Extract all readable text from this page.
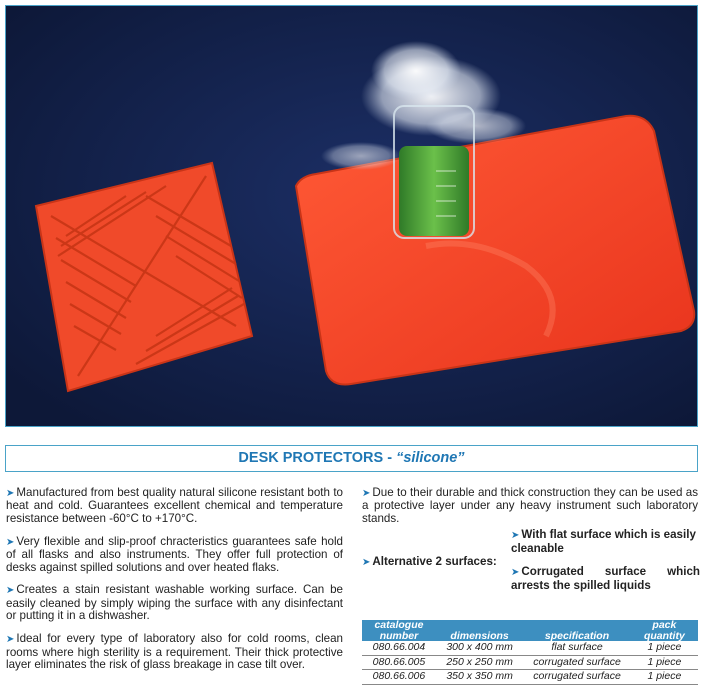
DESK PROTECTORS - “silicone”

➤ Manufactured from best quality natural silicone resistant both to heat and cold. Guarantees excellent chemical and temperature resistance between -60°C to +170°C.

➤ Very flexible and slip-proof chracteristics guarantees safe hold of all flasks and also instruments. They offer full protection of desks against spilled solutions and over heated flaks.

➤ Creates a stain resistant washable working surface. Can be easily cleaned by simply wiping the surface with any disinfectant or putting it in a dishwasher.

➤ Ideal for every type of laboratory also for cold rooms, clean rooms where high sterility is a requirement. Their thick protective layer eliminates the risk of glass breakage in case tilt over.

➤ Due to their durable and thick construction they can be used as a protective layer under any heavy instrument such laboratory stands.

➤ Alternative 2 surfaces:
➤ With flat surface which is easily cleanable
➤ Corrugated surface which arrests the spilled liquids
catalogue
number	dimensions	specification	pack
quantity
080.66.004	300 x 400 mm	flat surface	1 piece
080.66.005	250 x 250 mm	corrugated surface	1 piece
080.66.006	350 x 350 mm	corrugated surface	1 piece
